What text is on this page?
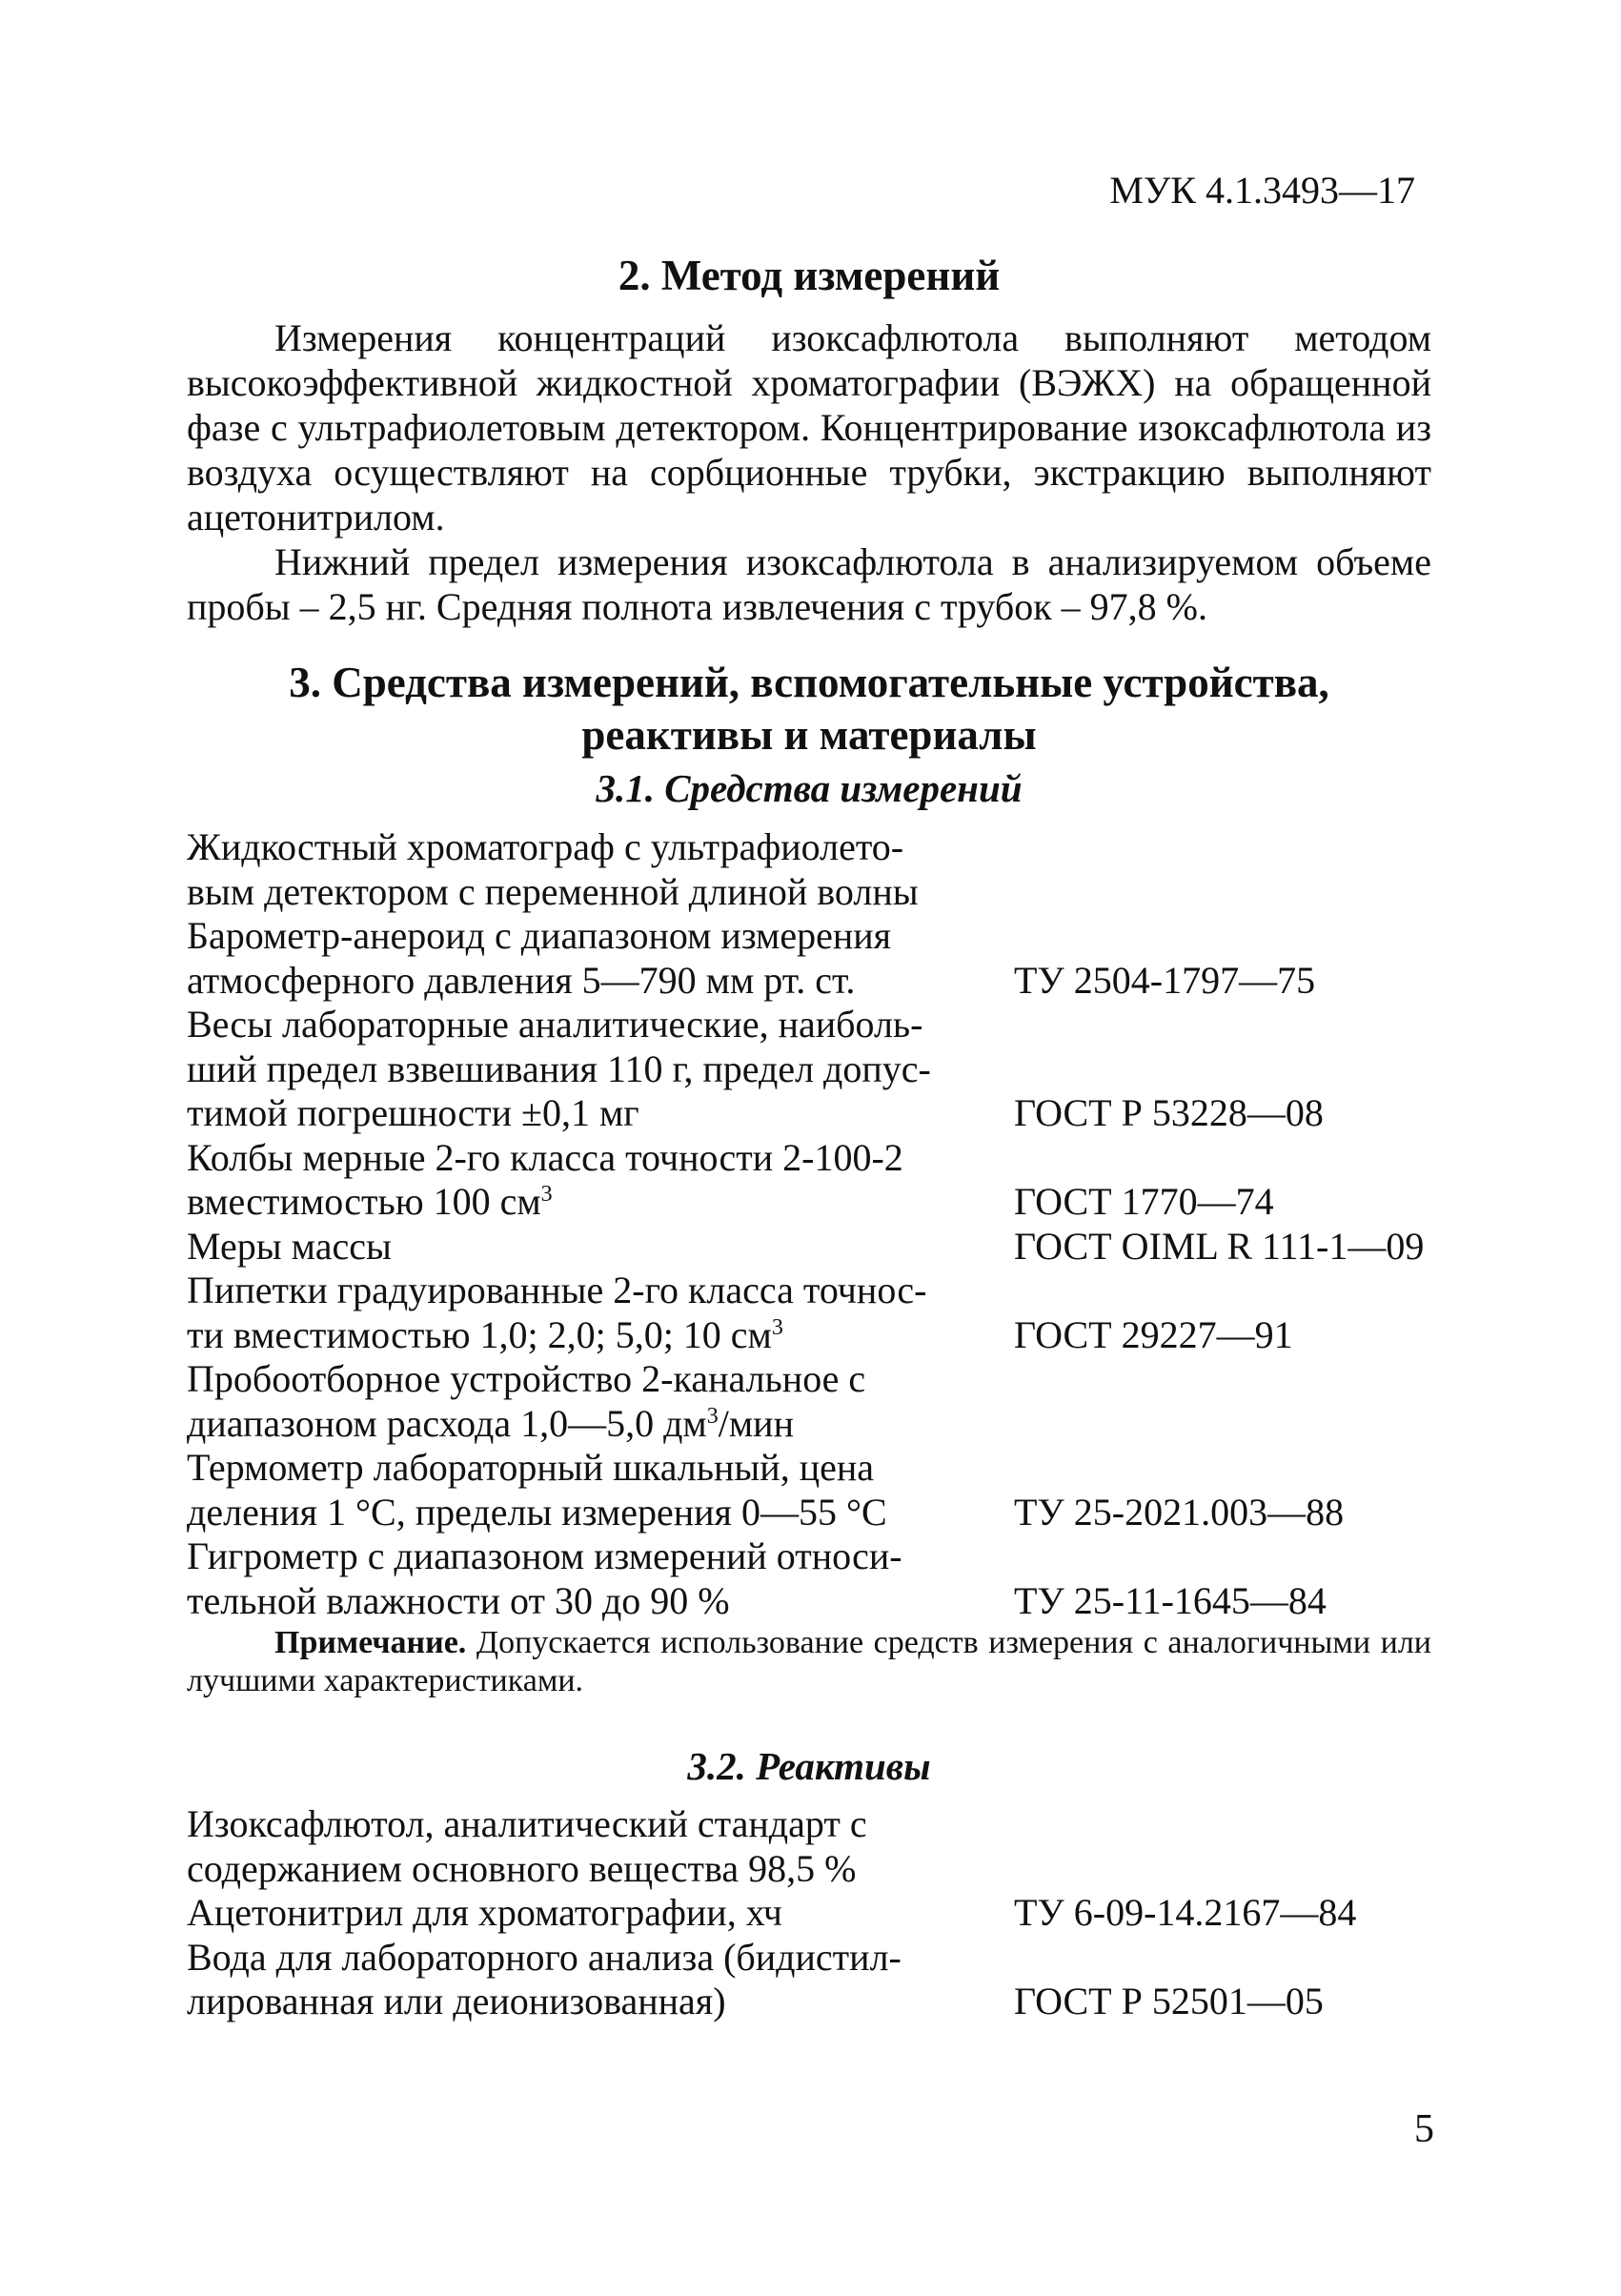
МУК 4.1.3493—17
2. Метод измерений

Измерения концентраций изоксафлютола выполняют методом высокоэффективной жидкостной хроматографии (ВЭЖХ) на обращенной фазе с ультрафиолетовым детектором. Концентрирование изоксафлютола из воздуха осуществляют на сорбционные трубки, экстракцию выполняют ацетонитрилом.

Нижний предел измерения изоксафлютола в анализируемом объеме пробы – 2,5 нг. Средняя полнота извлечения с трубок – 97,8 %.

3. Средства измерений, вспомогательные устройства,
реактивы и материалы
3.1. Средства измерений
Жидкостный хроматограф с ультрафиолето-
вым детектором с переменной длиной волны
Барометр-анероид с диапазоном измерения
атмосферного давления 5—790 мм рт. ст.	ТУ 2504-1797—75
Весы лабораторные аналитические, наиболь-
ший предел взвешивания 110 г, предел допус-
тимой погрешности ±0,1 мг	ГОСТ Р 53228—08
Колбы мерные 2-го класса точности 2-100-2
вместимостью 100 $см^3$	ГОСТ 1770—74
Меры массы	ГОСТ OIML R 111-1—09
Пипетки градуированные 2-го класса точнос-
ти вместимостью 1,0; 2,0; 5,0; 10 $см^3$	ГОСТ 29227—91
Пробоотборное устройство 2-канальное с
диапазоном расхода 1,0—5,0 $дм^3$/мин
Термометр лабораторный шкальный, цена
деления 1 °С, пределы измерения 0—55 °С	ТУ 25-2021.003—88
Гигрометр с диапазоном измерений относи-
тельной влажности от 30 до 90 %	ТУ 25-11-1645—84

Примечание. Допускается использование средств измерения с аналогичными или лучшими характеристиками.

3.2. Реактивы
Изоксафлютол, аналитический стандарт с
содержанием основного вещества 98,5 %
Ацетонитрил для хроматографии, хч	ТУ 6-09-14.2167—84
Вода для лабораторного анализа (бидистил-
лированная или деионизованная)	ГОСТ Р 52501—05
5
